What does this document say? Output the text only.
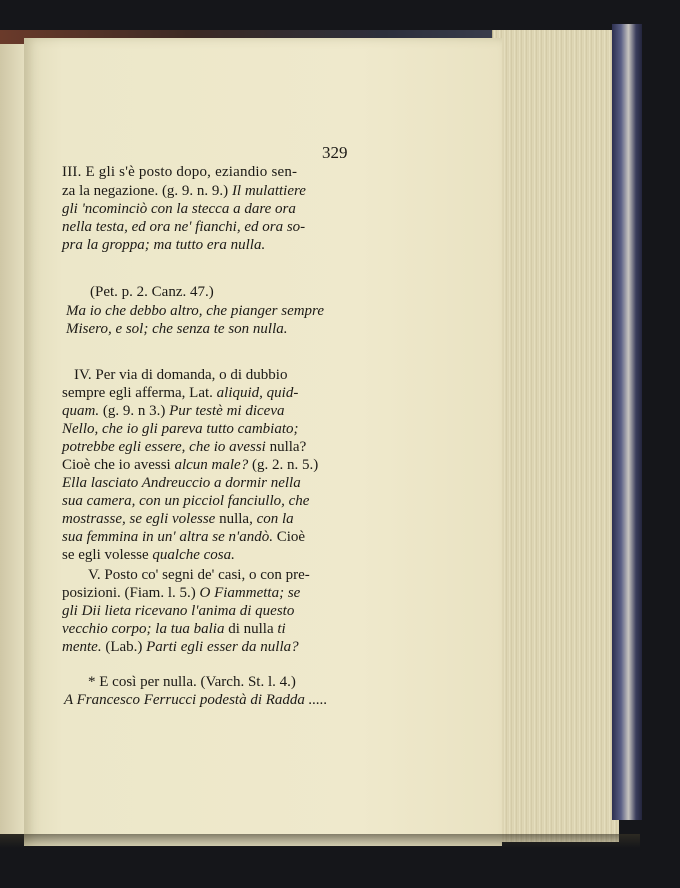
329
III. E gli s'è posto dopo, eziandio sen-
za la negazione. (g. 9. n. 9.) Il mulattiere
gli 'ncominciò con la stecca a dare ora
nella testa, ed ora ne' fianchi, ed ora so-
pra la groppa; ma tutto era nulla.
(Pet. p. 2. Canz. 47.)
Ma io che debbo altro, che pianger sempre
Misero, e sol; che senza te son nulla.
IV. Per via di domanda, o di dubbio
sempre egli afferma, Lat. aliquid, quid-
quam. (g. 9. n 3.) Pur testè mi diceva
Nello, che io gli pareva tutto cambiato;
potrebbe egli essere, che io avessi nulla?
Cioè che io avessi alcun male? (g. 2. n. 5.)
Ella lasciato Andreuccio a dormir nella
sua camera, con un picciol fanciullo, che
mostrasse, se egli volesse nulla, con la
sua femmina in un' altra se n'andò. Cioè
se egli volesse qualche cosa.
V. Posto co' segni de' casi, o con pre-
posizioni. (Fiam. l. 5.) O Fiammetta; se
gli Dii lieta ricevano l'anima di questo
vecchio corpo; la tua balia di nulla ti
mente. (Lab.) Parti egli esser da nulla?
* E così per nulla. (Varch. St. l. 4.)
A Francesco Ferrucci podestà di Radda .....
